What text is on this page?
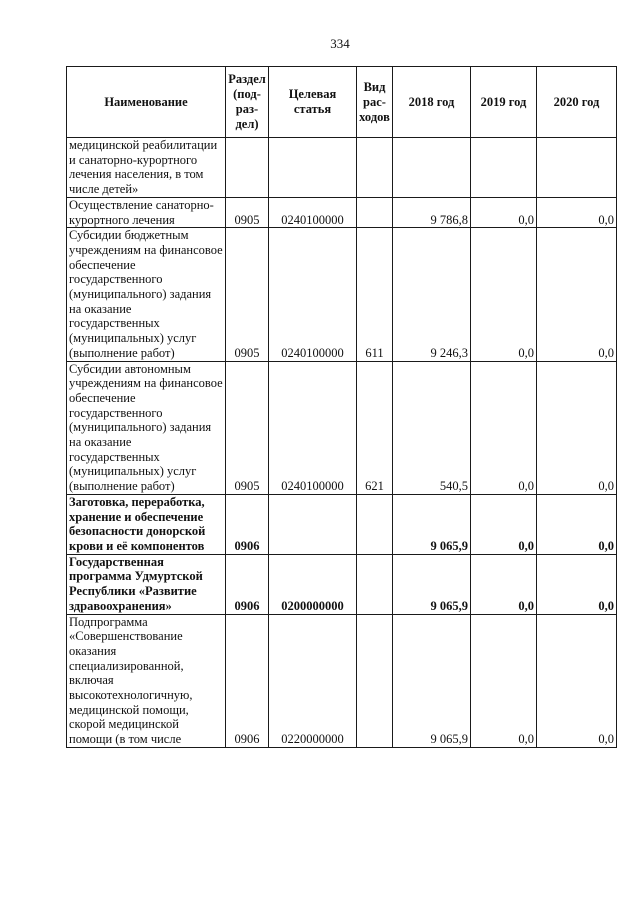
334
Наименование	Раздел (под-раз-дел)	Целевая статья	Вид рас-ходов	2018 год	2019 год	2020 год
медицинской реабилитации и санаторно-курортного лечения населения, в том числе детей»						
Осуществление санаторно-курортного лечения	0905	0240100000		9 786,8	0,0	0,0
Субсидии бюджетным учреждениям на финансовое обеспечение государственного (муниципального) задания на оказание государственных (муниципальных) услуг (выполнение работ)	0905	0240100000	611	9 246,3	0,0	0,0
Субсидии автономным учреждениям на финансовое обеспечение государственного (муниципального) задания на оказание государственных (муниципальных) услуг (выполнение работ)	0905	0240100000	621	540,5	0,0	0,0
Заготовка, переработка, хранение и обеспечение безопасности донорской крови и её компонентов	0906			9 065,9	0,0	0,0
Государственная программа Удмуртской Республики «Развитие здравоохранения»	0906	0200000000		9 065,9	0,0	0,0
Подпрограмма «Совершенствование оказания специализированной, включая высокотехнологичную, медицинской помощи, скорой медицинской помощи (в том числе	0906	0220000000		9 065,9	0,0	0,0
